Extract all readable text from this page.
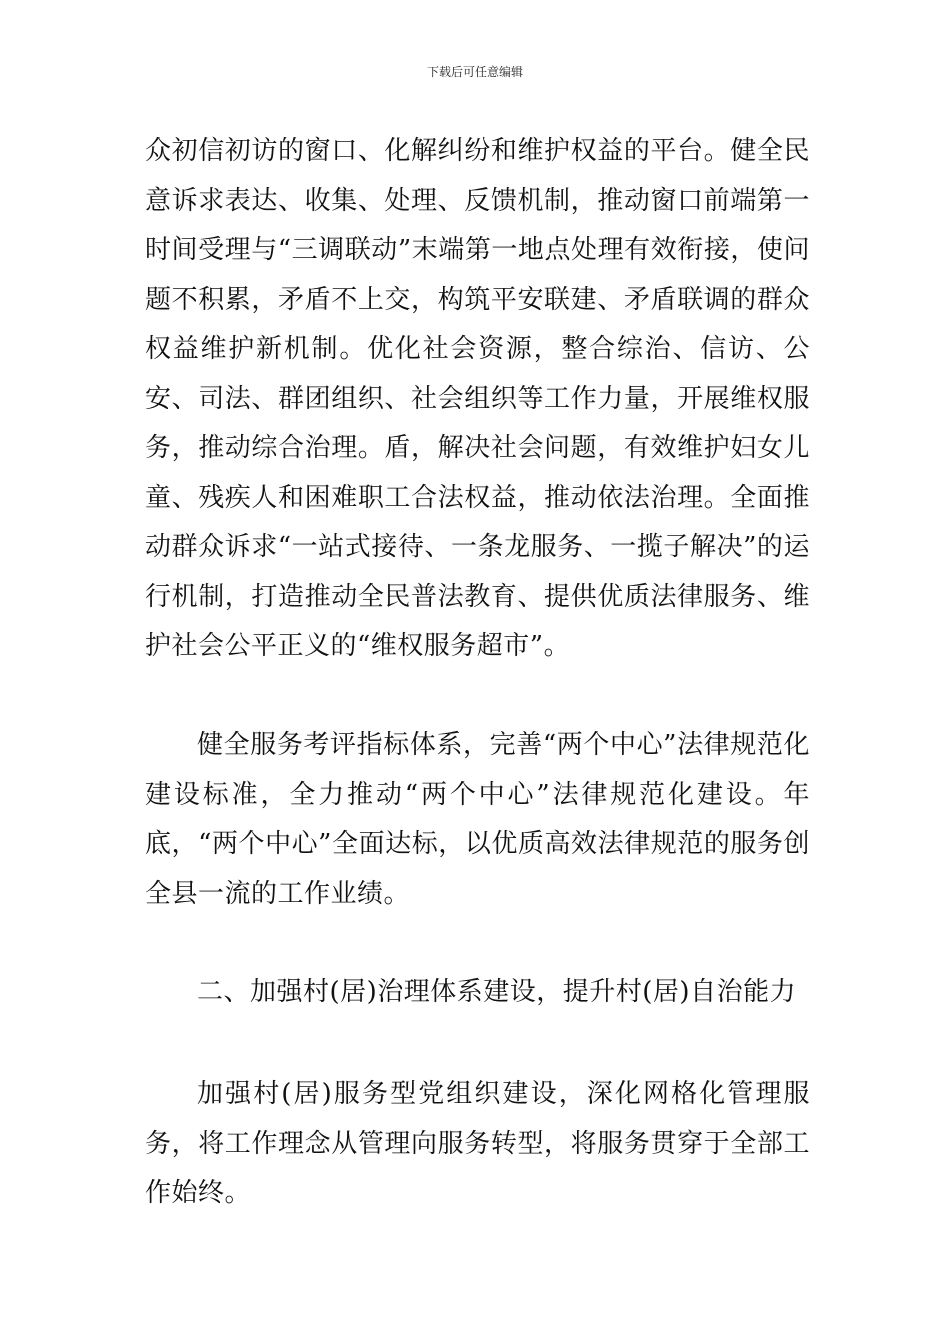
下载后可任意编辑

众初信初访的窗口、化解纠纷和维护权益的平台。健全民意诉求表达、收集、处理、反馈机制，推动窗口前端第一时间受理与“三调联动”末端第一地点处理有效衔接，使问题不积累，矛盾不上交，构筑平安联建、矛盾联调的群众权益维护新机制。优化社会资源，整合综治、信访、公安、司法、群团组织、社会组织等工作力量，开展维权服务，推动综合治理。盾，解决社会问题，有效维护妇女儿童、残疾人和困难职工合法权益，推动依法治理。全面推动群众诉求“一站式接待、一条龙服务、一揽子解决”的运行机制，打造推动全民普法教育、提供优质法律服务、维护社会公平正义的“维权服务超市”。

健全服务考评指标体系，完善“两个中心”法律规范化建设标准，全力推动“两个中心”法律规范化建设。年底，“两个中心”全面达标，以优质高效法律规范的服务创全县一流的工作业绩。

二、加强村(居)治理体系建设，提升村(居)自治能力

加强村(居)服务型党组织建设，深化网格化管理服务，将工作理念从管理向服务转型，将服务贯穿于全部工作始终。
